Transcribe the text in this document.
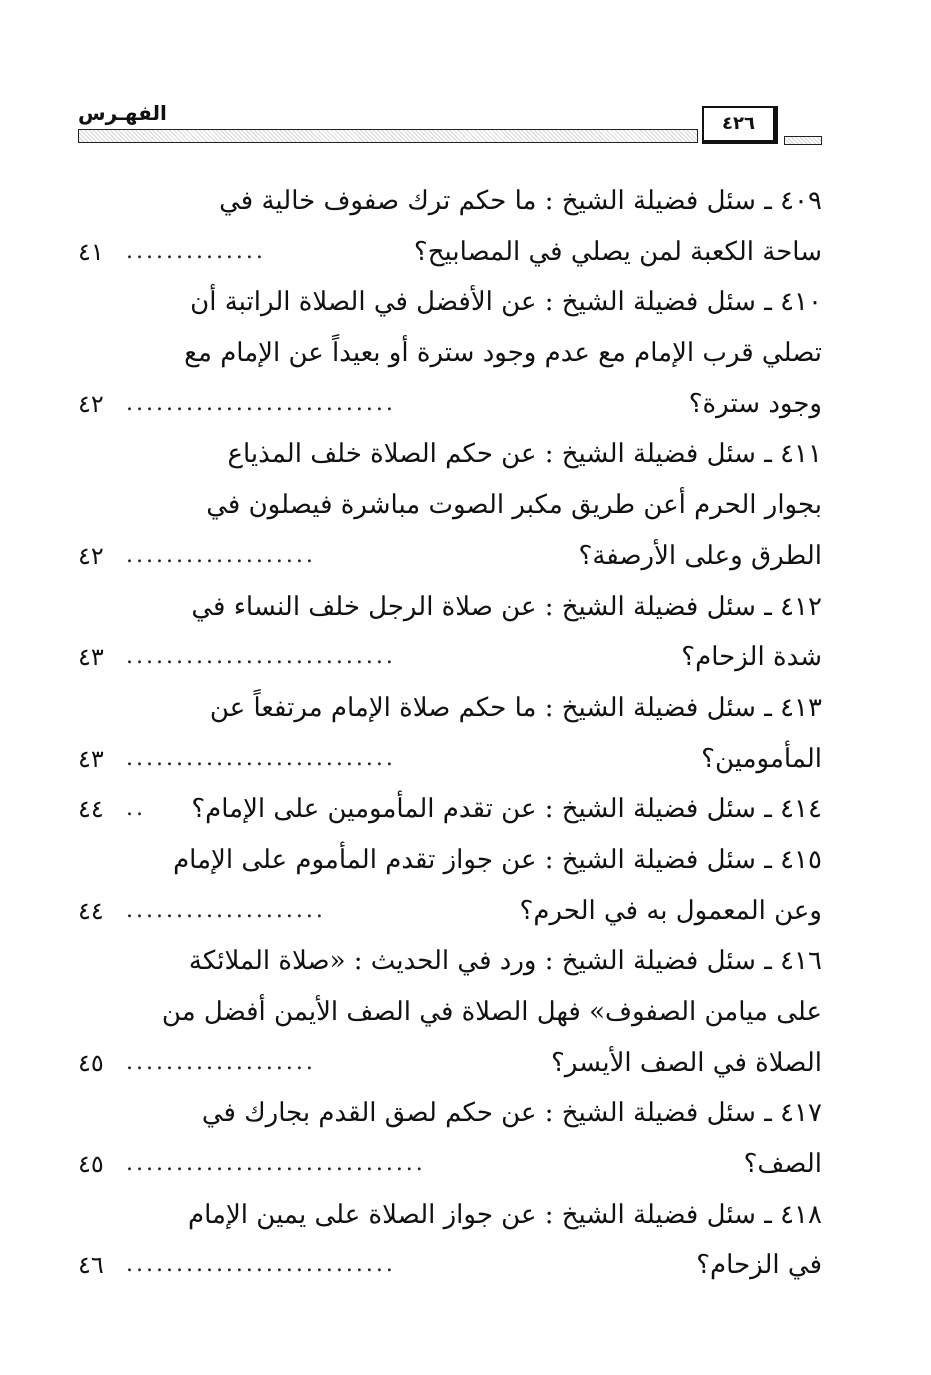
الفهـرس	٤٢٦
٤٠٩ ـ سئل فضيلة الشيخ : ما حكم ترك صفوف خالية في
ساحة الكعبة لمن يصلي في المصابيح؟
..............
٤١
٤١٠ ـ سئل فضيلة الشيخ : عن الأفضل في الصلاة الراتبة أن
تصلي قرب الإمام مع عدم وجود سترة أو بعيداً عن الإمام مع
وجود سترة؟
...........................
٤٢
٤١١ ـ سئل فضيلة الشيخ : عن حكم الصلاة خلف المذياع
بجوار الحرم أعن طريق مكبر الصوت مباشرة فيصلون في
الطرق وعلى الأرصفة؟
...................
٤٢
٤١٢ ـ سئل فضيلة الشيخ : عن صلاة الرجل خلف النساء في
شدة الزحام؟
...........................
٤٣
٤١٣ ـ سئل فضيلة الشيخ : ما حكم صلاة الإمام مرتفعاً عن
المأمومين؟
...........................
٤٣
٤١٤ ـ سئل فضيلة الشيخ : عن تقدم المأمومين على الإمام؟
..
٤٤
٤١٥ ـ سئل فضيلة الشيخ : عن جواز تقدم المأموم على الإمام
وعن المعمول به في الحرم؟
....................
٤٤
٤١٦ ـ سئل فضيلة الشيخ : ورد في الحديث : «صلاة الملائكة
على ميامن الصفوف» فهل الصلاة في الصف الأيمن أفضل من
الصلاة في الصف الأيسر؟
...................
٤٥
٤١٧ ـ سئل فضيلة الشيخ : عن حكم لصق القدم بجارك في
الصف؟
..............................
٤٥
٤١٨ ـ سئل فضيلة الشيخ : عن جواز الصلاة على يمين الإمام
في الزحام؟
...........................
٤٦
